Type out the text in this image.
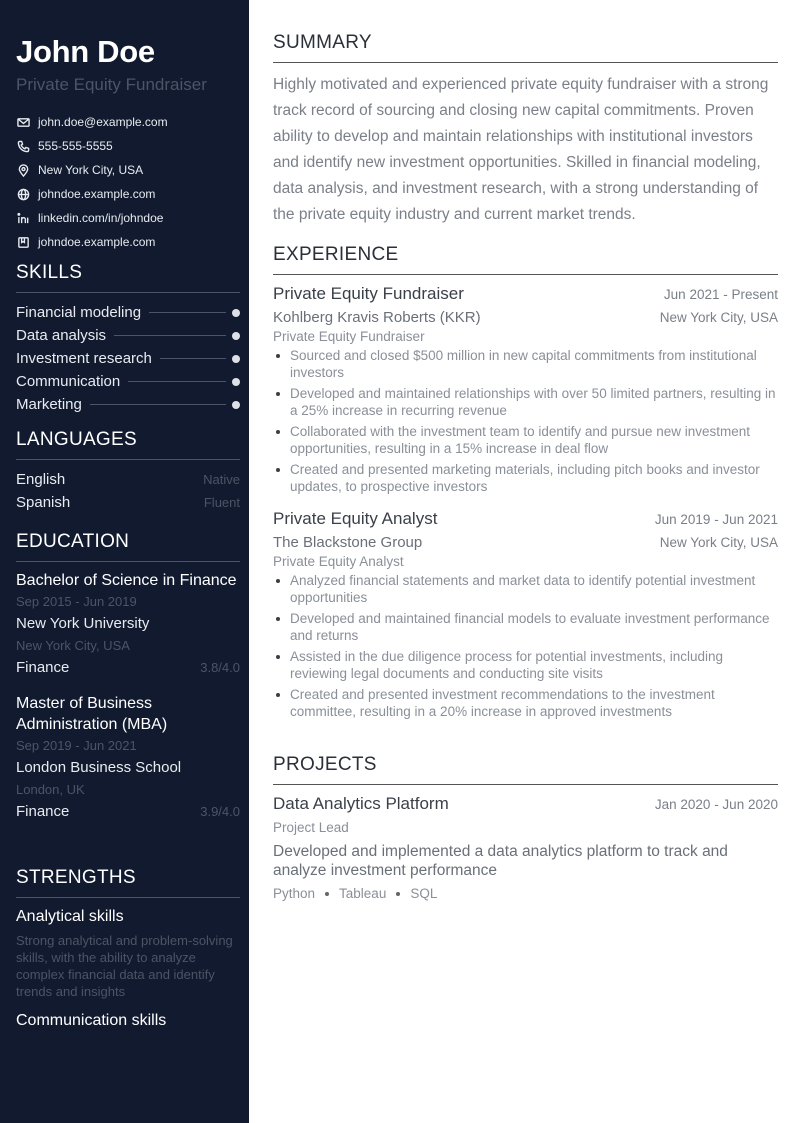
John Doe
Private Equity Fundraiser
john.doe@example.com
555-555-5555
New York City, USA
johndoe.example.com
linkedin.com/in/johndoe
johndoe.example.com
SKILLS
Financial modeling
Data analysis
Investment research
Communication
Marketing
LANGUAGES
English	Native
Spanish	Fluent
EDUCATION
Bachelor of Science in Finance
Sep 2015 - Jun 2019
New York University
New York City, USA
Finance	3.8/4.0
Master of Business Administration (MBA)
Sep 2019 - Jun 2021
London Business School
London, UK
Finance	3.9/4.0
STRENGTHS
Analytical skills
Strong analytical and problem-solving skills, with the ability to analyze complex financial data and identify trends and insights
Communication skills
SUMMARY
Highly motivated and experienced private equity fundraiser with a strong track record of sourcing and closing new capital commitments. Proven ability to develop and maintain relationships with institutional investors and identify new investment opportunities. Skilled in financial modeling, data analysis, and investment research, with a strong understanding of the private equity industry and current market trends.
EXPERIENCE
Private Equity Fundraiser	Jun 2021 - Present
Kohlberg Kravis Roberts (KKR)	New York City, USA
Private Equity Fundraiser
Sourced and closed $500 million in new capital commitments from institutional investors
Developed and maintained relationships with over 50 limited partners, resulting in a 25% increase in recurring revenue
Collaborated with the investment team to identify and pursue new investment opportunities, resulting in a 15% increase in deal flow
Created and presented marketing materials, including pitch books and investor updates, to prospective investors
Private Equity Analyst	Jun 2019 - Jun 2021
The Blackstone Group	New York City, USA
Private Equity Analyst
Analyzed financial statements and market data to identify potential investment opportunities
Developed and maintained financial models to evaluate investment performance and returns
Assisted in the due diligence process for potential investments, including reviewing legal documents and conducting site visits
Created and presented investment recommendations to the investment committee, resulting in a 20% increase in approved investments
PROJECTS
Data Analytics Platform	Jan 2020 - Jun 2020
Project Lead
Developed and implemented a data analytics platform to track and analyze investment performance
Python Tableau SQL
